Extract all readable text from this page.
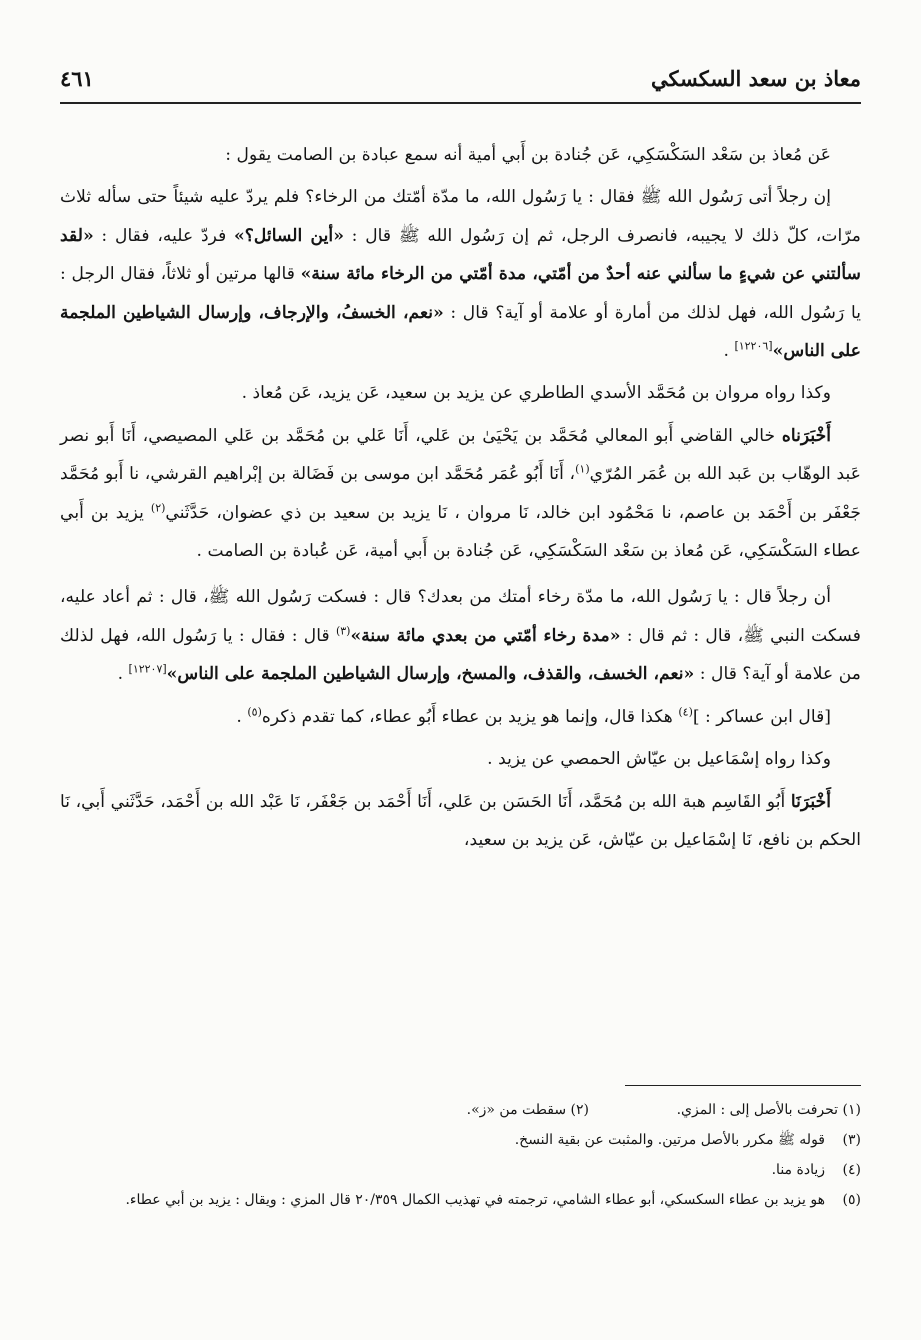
معاذ بن سعد السكسكي
٤٦١

عَن مُعاذ بن سَعْد السَكْسَكِي، عَن جُنادة بن أَبي أمية أنه سمع عبادة بن الصامت يقول :

إن رجلاً أتى رَسُول الله ﷺ فقال : يا رَسُول الله، ما مدّة أمّتك من الرخاء؟ فلم يردّ عليه شيئاً حتى سأله ثلاث مرّات، كلّ ذلك لا يجيبه، فانصرف الرجل، ثم إن رَسُول الله ﷺ قال : «أين السائل؟» فردّ عليه، فقال : «لقد سألتني عن شيءٍ ما سألني عنه أحدٌ من أمّتي، مدة أمّتي من الرخاء مائة سنة» قالها مرتين أو ثلاثاً، فقال الرجل : يا رَسُول الله، فهل لذلك من أمارة أو علامة أو آية؟ قال : «نعم، الخسفُ، والإرجاف، وإرسال الشياطين الملجمة على الناس»[١٢٢٠٦] .

وكذا رواه مروان بن مُحَمَّد الأسدي الطاطري عن يزيد بن سعيد، عَن يزيد، عَن مُعاذ .

أَخْبَرَناه خالي القاضي أَبو المعالي مُحَمَّد بن يَحْيَىٰ بن عَلي، أَنَا عَلي بن مُحَمَّد بن عَلي المصيصي، أَنَا أَبو نصر عَبد الوهّاب بن عَبد الله بن عُمَر المُرّي$^{(١)}$، أَنَا أَبُو عُمَر مُحَمَّد ابن موسى بن فَضَالة بن إبْراهيم القرشي، نا أَبو مُحَمَّد جَعْفَر بن أَحْمَد بن عاصم، نا مَحْمُود ابن خالد، نَا مروان ، نَا يزيد بن سعيد بن ذي عضوان، حَدَّثَني$^{(٢)}$ يزيد بن أَبي عطاء السَكْسَكِي، عَن مُعاذ بن سَعْد السَكْسَكِي، عَن جُنادة بن أَبي أمية، عَن عُبادة بن الصامت .

أن رجلاً قال : يا رَسُول الله، ما مدّة رخاء أمتك من بعدك؟ قال : فسكت رَسُول الله ﷺ، قال : ثم أعاد عليه، فسكت النبي ﷺ، قال : ثم قال : «مدة رخاء أمّتي من بعدي مائة سنة»$^{(٣)}$ قال : فقال : يا رَسُول الله، فهل لذلك من علامة أو آية؟ قال : «نعم، الخسف، والقذف، والمسخ، وإرسال الشياطين الملجمة على الناس»[١٢٢٠٧] .

[قال ابن عساكر : ]$^{(٤)}$ هكذا قال، وإنما هو يزيد بن عطاء أَبُو عطاء، كما تقدم ذكره$^{(٥)}$ .

وكذا رواه إسْمَاعيل بن عيّاش الحمصي عن يزيد .

أَخْبَرَنَا أَبُو القَاسِم هبة الله بن مُحَمَّد، أَنَا الحَسَن بن عَلي، أَنَا أَحْمَد بن جَعْفَر، نَا عَبْد الله بن أَحْمَد، حَدَّثَني أَبي، نَا الحكم بن نافع، نَا إسْمَاعيل بن عيّاش، عَن يزيد بن سعيد،

(١) تحرفت بالأصل إلى : المزي.
(٢) سقطت من «ز».
(٣)
قوله ﷺ مكرر بالأصل مرتين. والمثبت عن بقية النسخ.
(٤)
زيادة منا.
(٥)
هو يزيد بن عطاء السكسكي، أبو عطاء الشامي، ترجمته في تهذيب الكمال ٢٠/٣٥٩ قال المزي : ويقال : يزيد بن أبي عطاء.
